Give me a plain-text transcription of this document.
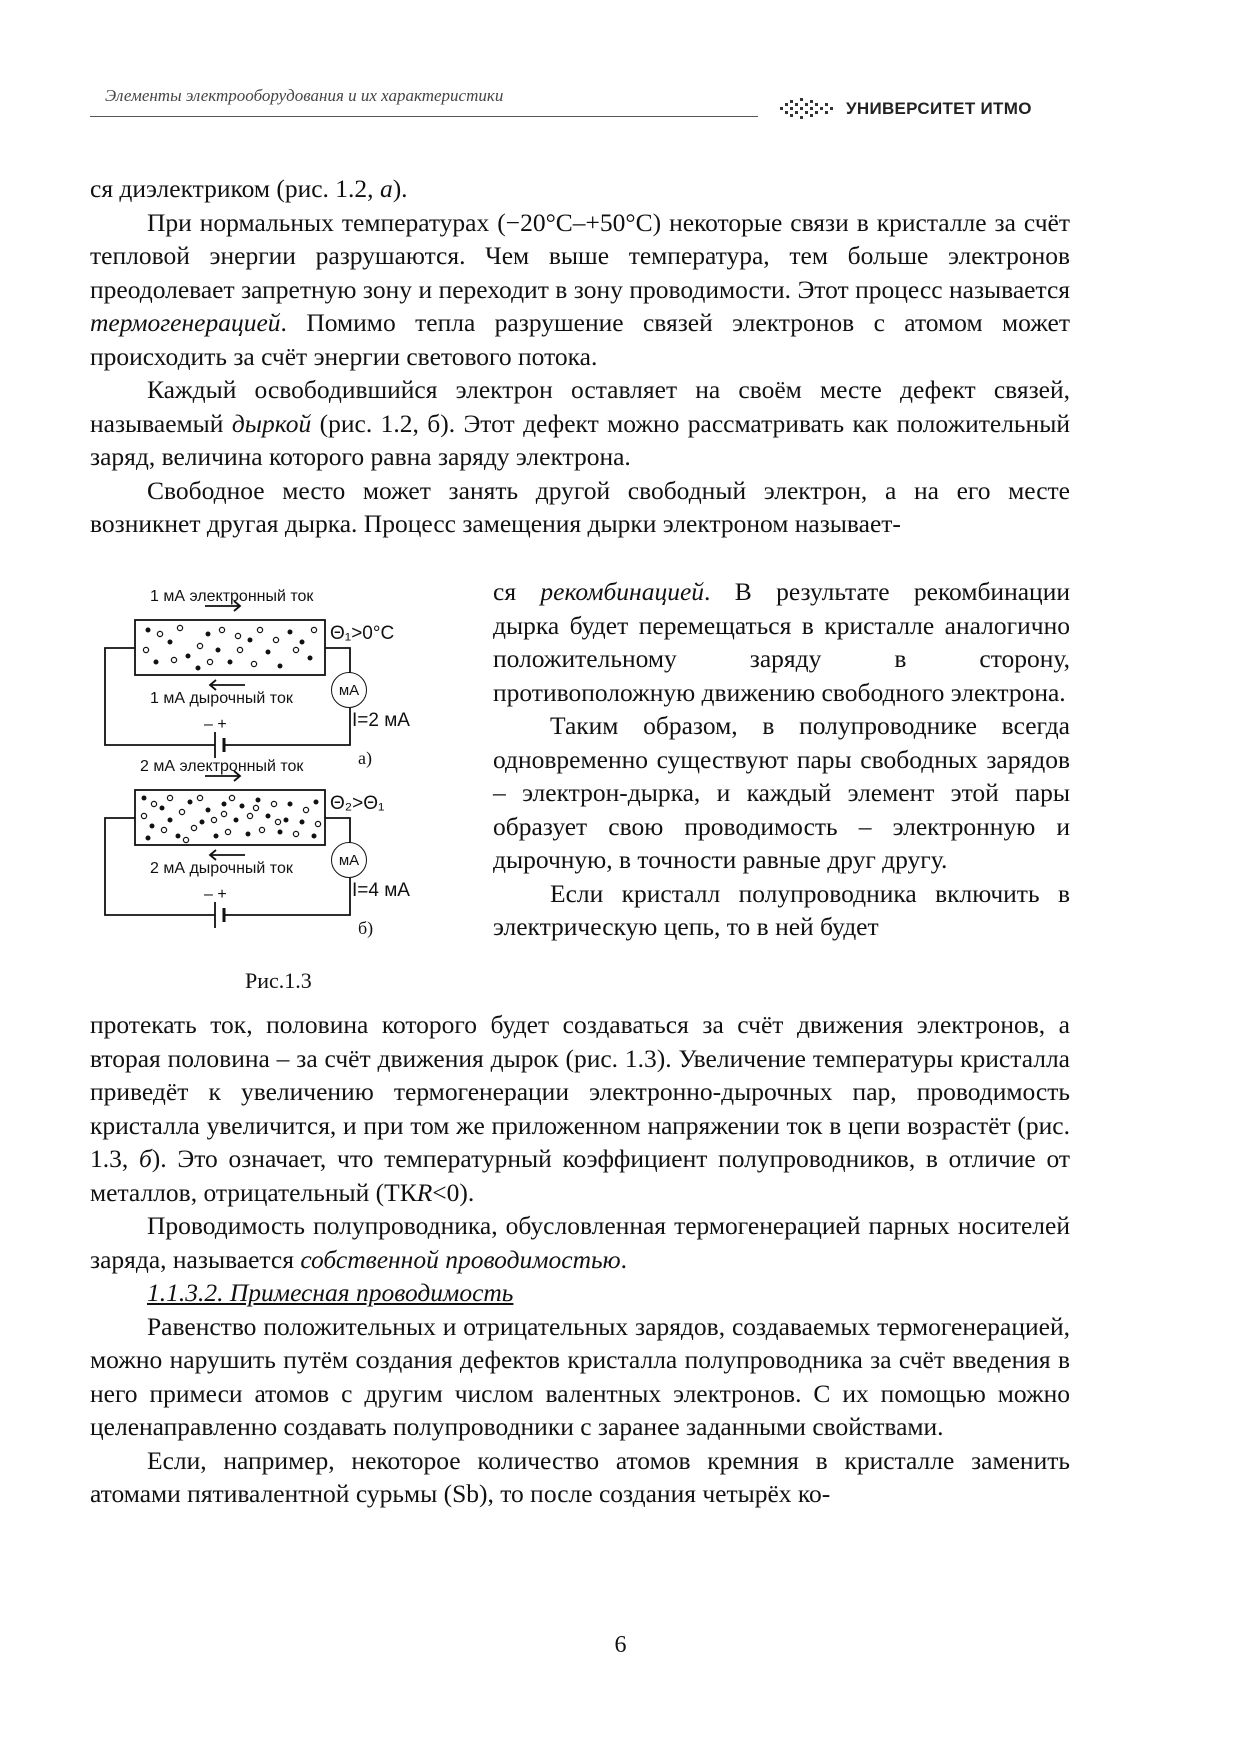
Элементы электрооборудования и их характеристики
УНИВЕРСИТЕТ ИТМО

ся диэлектриком (рис. 1.2, а).

При нормальных температурах (−20°С–+50°С) некоторые связи в кристалле за счёт тепловой энергии разрушаются. Чем выше температура, тем больше электронов преодолевает запретную зону и переходит в зону проводимости. Этот процесс называется термогенерацией. Помимо тепла разрушение связей электронов с атомом может происходить за счёт энергии светового потока.

Каждый освободившийся электрон оставляет на своём месте дефект связей, называемый дыркой (рис. 1.2, б). Этот дефект можно рассматривать как положительный заряд, величина которого равна заряду электрона.

Свободное место может занять другой свободный электрон, а на его месте возникнет другая дырка. Процесс замещения дырки электроном называет-

1 мА электронный ток
Θ₁>0°С
1 мА дырочный ток	мА
I=2 мА
– +
а)
2 мА электронный ток
Θ₂>Θ₁
2 мА дырочный ток	мА
I=4 мА
– +
б)
Рис.1.3

ся рекомбинацией. В результате рекомбинации дырка будет перемещаться в кристалле аналогично положительному заряду в сторону, противоположную движению свободного электрона.

Таким образом, в полупроводнике всегда одновременно существуют пары свободных зарядов – электрон-дырка, и каждый элемент этой пары образует свою проводимость – электронную и дырочную, в точности равные друг другу.

Если кристалл полупроводника включить в электрическую цепь, то в ней будет

протекать ток, половина которого будет создаваться за счёт движения электронов, а вторая половина – за счёт движения дырок (рис. 1.3). Увеличение температуры кристалла приведёт к увеличению термогенерации электронно-дырочных пар, проводимость кристалла увеличится, и при том же приложенном напряжении ток в цепи возрастёт (рис. 1.3, б). Это означает, что температурный коэффициент полупроводников, в отличие от металлов, отрицательный (ТКR<0).

Проводимость полупроводника, обусловленная термогенерацией парных носителей заряда, называется собственной проводимостью.

1.1.3.2. Примесная проводимость

Равенство положительных и отрицательных зарядов, создаваемых термогенерацией, можно нарушить путём создания дефектов кристалла полупроводника за счёт введения в него примеси атомов с другим числом валентных электронов. С их помощью можно целенаправленно создавать полупроводники с заранее заданными свойствами.

Если, например, некоторое количество атомов кремния в кристалле заменить атомами пятивалентной сурьмы (Sb), то после создания четырёх ко-

6
